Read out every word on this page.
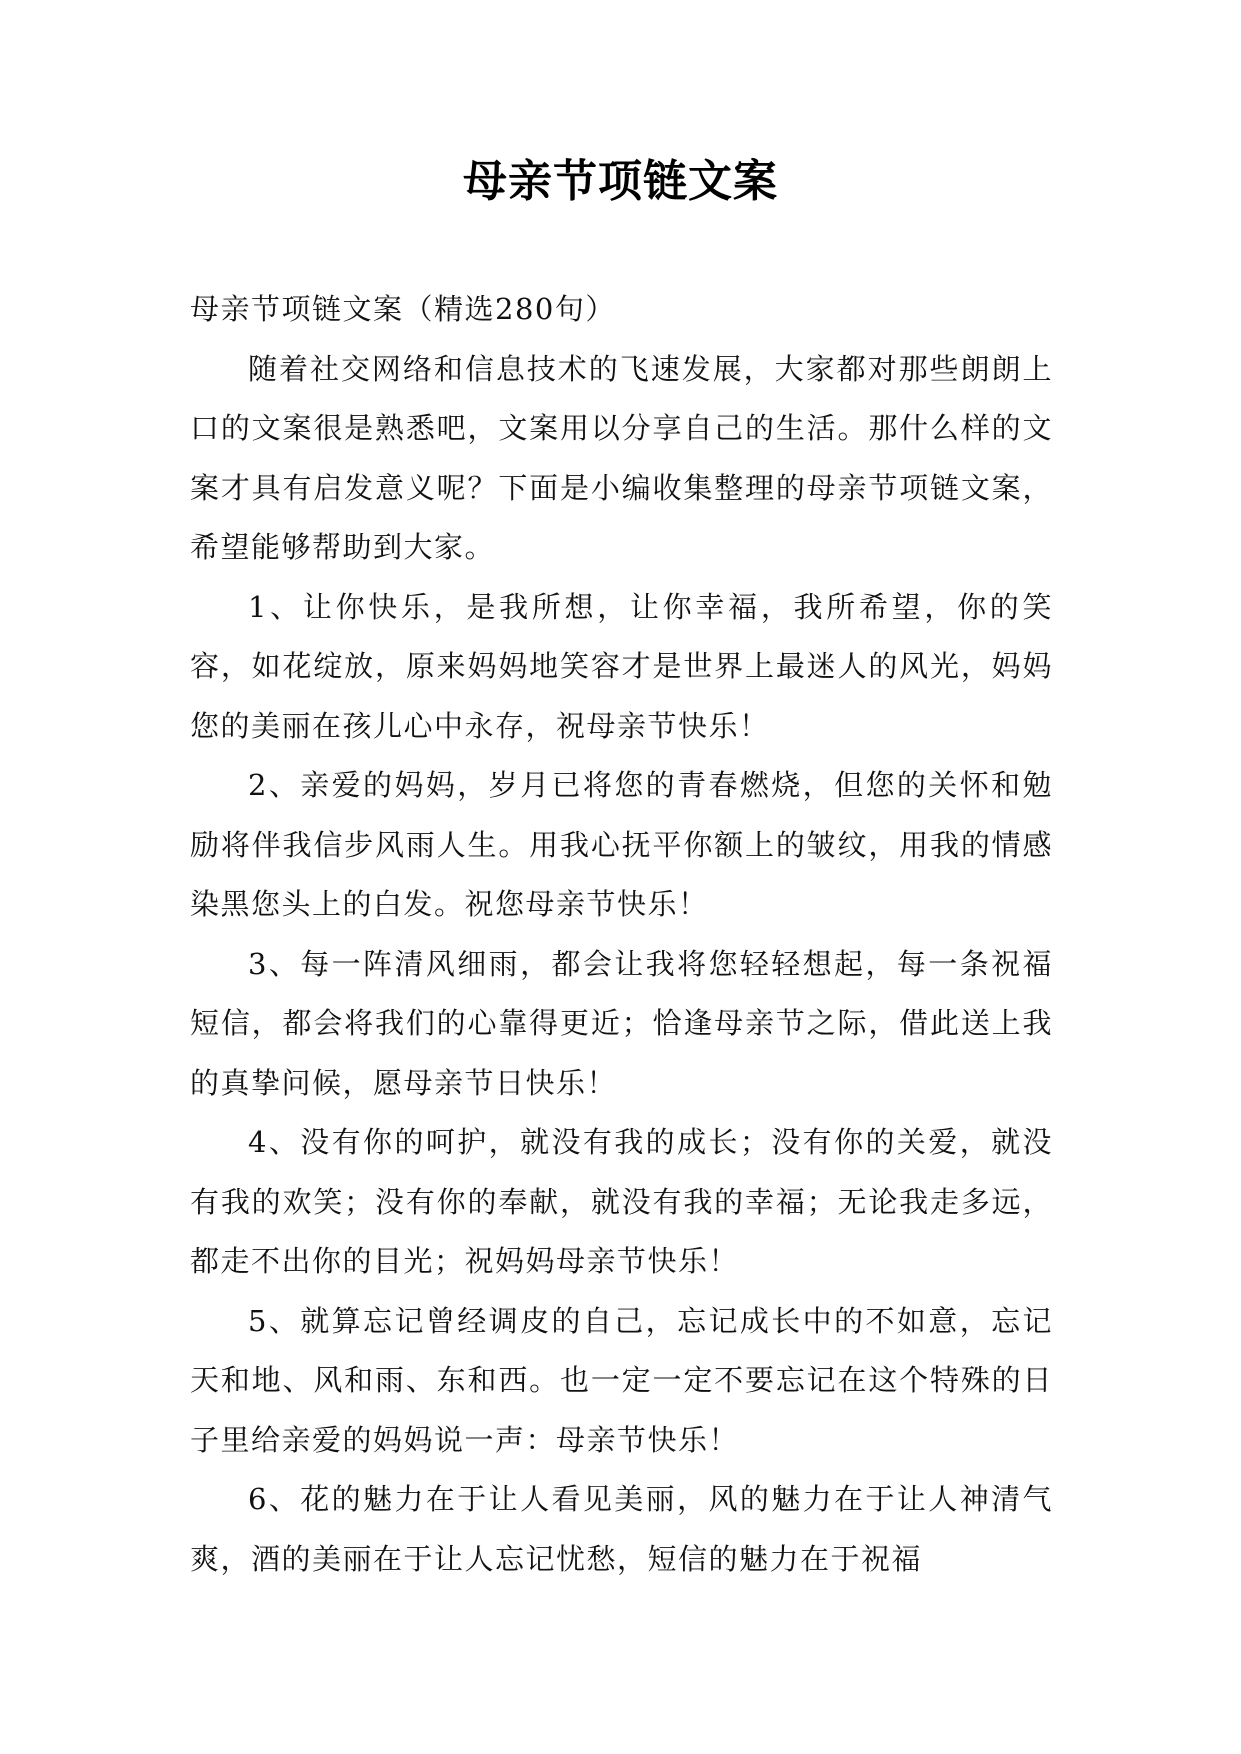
母亲节项链文案

母亲节项链文案（精选280句）

随着社交网络和信息技术的飞速发展，大家都对那些朗朗上口的文案很是熟悉吧，文案用以分享自己的生活。那什么样的文案才具有启发意义呢？下面是小编收集整理的母亲节项链文案，希望能够帮助到大家。

1、让你快乐，是我所想，让你幸福，我所希望，你的笑容，如花绽放，原来妈妈地笑容才是世界上最迷人的风光，妈妈您的美丽在孩儿心中永存，祝母亲节快乐！

2、亲爱的妈妈，岁月已将您的青春燃烧，但您的关怀和勉励将伴我信步风雨人生。用我心抚平你额上的皱纹，用我的情感染黑您头上的白发。祝您母亲节快乐！

3、每一阵清风细雨，都会让我将您轻轻想起，每一条祝福短信，都会将我们的心靠得更近；恰逢母亲节之际，借此送上我的真挚问候，愿母亲节日快乐！

4、没有你的呵护，就没有我的成长；没有你的关爱，就没有我的欢笑；没有你的奉献，就没有我的幸福；无论我走多远，都走不出你的目光；祝妈妈母亲节快乐！

5、就算忘记曾经调皮的自己，忘记成长中的不如意，忘记天和地、风和雨、东和西。也一定一定不要忘记在这个特殊的日子里给亲爱的妈妈说一声：母亲节快乐！

6、花的魅力在于让人看见美丽，风的魅力在于让人神清气爽，酒的美丽在于让人忘记忧愁，短信的魅力在于祝福
